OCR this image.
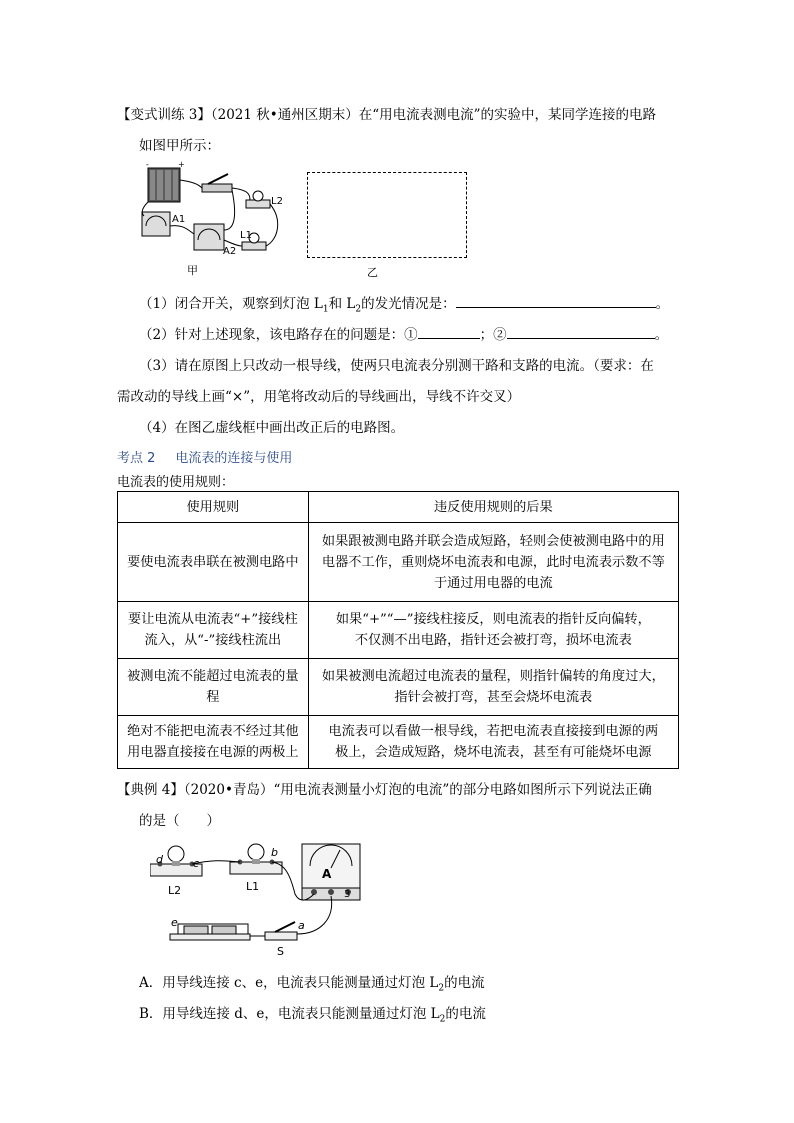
【变式训练 3】（2021 秋•通州区期末）在“用电流表测电流”的实验中，某同学连接的电路
如图甲所示：
-	+
L2
A1
L1
A2
甲	乙
（1）闭合开关，观察到灯泡 $L_1$和 $L_2$的发光情况是：	。
（2）针对上述现象，该电路存在的问题是：①	；②	。
（3）请在原图上只改动一根导线，使两只电流表分别测干路和支路的电流。（要求：在
需改动的导线上画“×”，用笔将改动后的导线画出，导线不许交叉）
（4）在图乙虚线框中画出改正后的电路图。
考点 2 电流表的连接与使用
电流表的使用规则：
使用规则	违反使用规则的后果
要使电流表串联在被测电路中	如果跟被测电路并联会造成短路，轻则会使被测电路中的用
电器不工作，重则烧坏电流表和电源，此时电流表示数不等
于通过用电器的电流
要让电流从电流表“+”接线柱
流入，从“-”接线柱流出	如果“+”“—”接线柱接反，则电流表的指针反向偏转，
不仅测不出电路，指针还会被打弯，损坏电流表
被测电流不能超过电流表的量
程	如果被测电流超过电流表的量程，则指针偏转的角度过大，
指针会被打弯，甚至会烧坏电流表
绝对不能把电流表不经过其他
用电器直接接在电源的两极上	电流表可以看做一根导线，若把电流表直接接到电源的两
极上，会造成短路，烧坏电流表，甚至有可能烧坏电源
【典例 4】（2020•青岛）“用电流表测量小灯泡的电流”的部分电路如图所示下列说法正确
的是（　　）
d	c
b
L2	L1
A
3
e	a
S
A．用导线连接 c、e，电流表只能测量通过灯泡 $L_2$的电流
B．用导线连接 d、e，电流表只能测量通过灯泡 $L_2$的电流
